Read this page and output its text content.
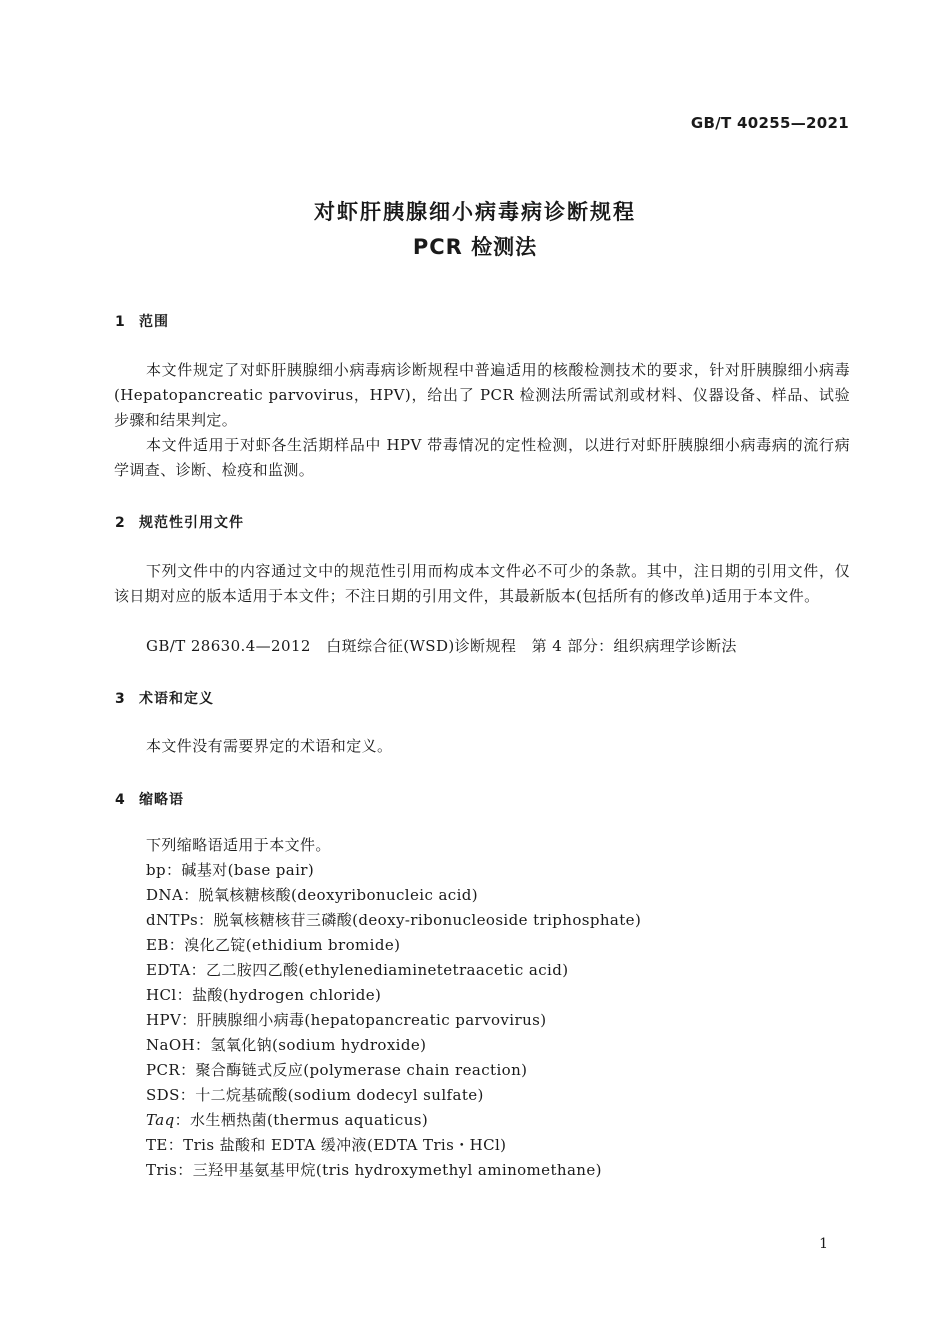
GB/T 40255—2021
对虾肝胰腺细小病毒病诊断规程
PCR 检测法
1 范围
本文件规定了对虾肝胰腺细小病毒病诊断规程中普遍适用的核酸检测技术的要求，针对肝胰腺细小病毒(Hepatopancreatic parvovirus，HPV)，给出了 PCR 检测法所需试剂或材料、仪器设备、样品、试验步骤和结果判定。
本文件适用于对虾各生活期样品中 HPV 带毒情况的定性检测，以进行对虾肝胰腺细小病毒病的流行病学调查、诊断、检疫和监测。
2 规范性引用文件
下列文件中的内容通过文中的规范性引用而构成本文件必不可少的条款。其中，注日期的引用文件，仅该日期对应的版本适用于本文件；不注日期的引用文件，其最新版本(包括所有的修改单)适用于本文件。
GB/T 28630.4—2012　白斑综合征(WSD)诊断规程　第 4 部分：组织病理学诊断法
3 术语和定义
本文件没有需要界定的术语和定义。
4 缩略语
下列缩略语适用于本文件。
bp：碱基对(base pair)
DNA：脱氧核糖核酸(deoxyribonucleic acid)
dNTPs：脱氧核糖核苷三磷酸(deoxy-ribonucleoside triphosphate)
EB：溴化乙锭(ethidium bromide)
EDTA：乙二胺四乙酸(ethylenediaminetetraacetic acid)
HCl：盐酸(hydrogen chloride)
HPV：肝胰腺细小病毒(hepatopancreatic parvovirus)
NaOH：氢氧化钠(sodium hydroxide)
PCR：聚合酶链式反应(polymerase chain reaction)
SDS：十二烷基硫酸(sodium dodecyl sulfate)
Taq：水生栖热菌(thermus aquaticus)
TE：Tris 盐酸和 EDTA 缓冲液(EDTA Tris・HCl)
Tris：三羟甲基氨基甲烷(tris hydroxymethyl aminomethane)
1
